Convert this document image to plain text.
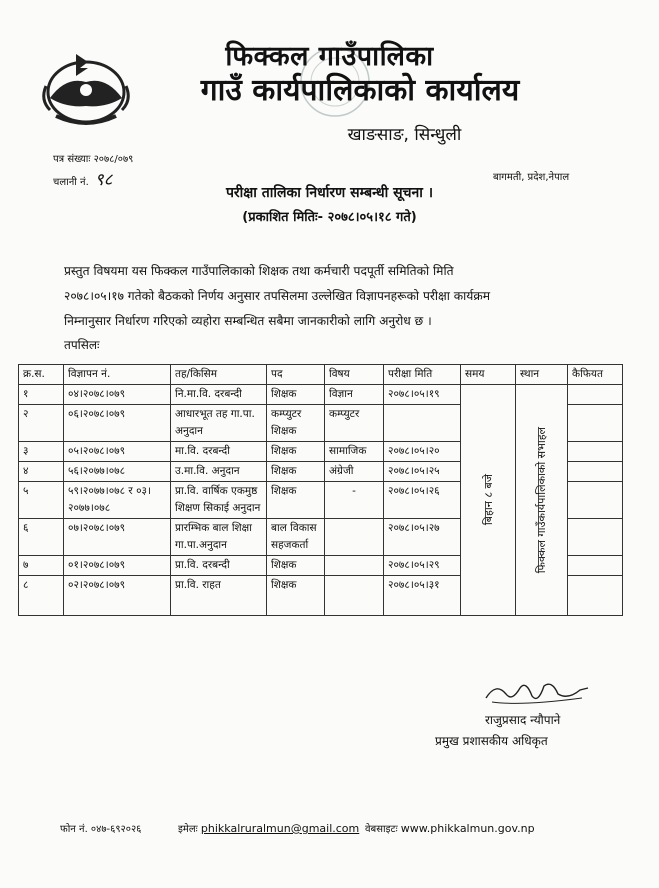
फिक्कल गाउँपालिका
गाउँ कार्यपालिकाको कार्यालय
खाङसाङ, सिन्धुली
पत्र संख्याः २०७८/०७९
चलानी नं. ९८	बागमती, प्रदेश,नेपाल
परीक्षा तालिका निर्धारण सम्बन्धी सूचना ।
(प्रकाशित मितिः- २०७८।०५।१८ गते)
प्रस्तुत विषयमा यस फिक्कल गाउँपालिकाको शिक्षक तथा कर्मचारी पदपूर्ती समितिको मिति
२०७८।०५।१७ गतेको बैठकको निर्णय अनुसार तपसिलमा उल्लेखित विज्ञापनहरूको परीक्षा कार्यक्रम
निम्नानुसार निर्धारण गरिएको व्यहोरा सम्बन्धित सबैमा जानकारीको लागि अनुरोध छ ।
तपसिलः
क्र.स.	विज्ञापन नं.	तह/किसिम	पद	विषय	परीक्षा मिति	समय	स्थान	कैफियत
१	०४।२०७८।०७९	नि.मा.वि. दरबन्दी	शिक्षक	विज्ञान	२०७८।०५।१९	बिहान ८ बजे	फिक्कल गाउँकार्यपालिकाको सभाहल	

२	०६।२०७८।०७९	आधारभूत तह गा.पा. अनुदान	कम्प्युटर शिक्षक	कम्प्युटर				
३	०५।२०७८।०७९	मा.वि. दरबन्दी	शिक्षक	सामाजिक	२०७८।०५।२०			
४	५६।२०७७।०७८	उ.मा.वि. अनुदान	शिक्षक	अंग्रेजी	२०७८।०५।२५			
५	५९।२०७७।०७८ र ०३।२०७७।०७८	प्रा.वि. वार्षिक एकमुष्ठ शिक्षण सिकाई अनुदान	शिक्षक	-	२०७८।०५।२६			
६	०७।२०७८।०७९	प्रारम्भिक बाल शिक्षा गा.पा.अनुदान	बाल विकास सहजकर्ता		२०७८।०५।२७			
७	०१।२०७८।०७९	प्रा.वि. दरबन्दी	शिक्षक		२०७८।०५।२९			
८	०२।२०७८।०७९	प्रा.वि. राहत	शिक्षक		२०७८।०५।३१			
राजुप्रसाद न्यौपाने
प्रमुख प्रशासकीय अधिकृत
फोन नं. ०४७-६९२०२६	इमेलः phikkalruralmun@gmail.com वेबसाइटः www.phikkalmun.gov.np
